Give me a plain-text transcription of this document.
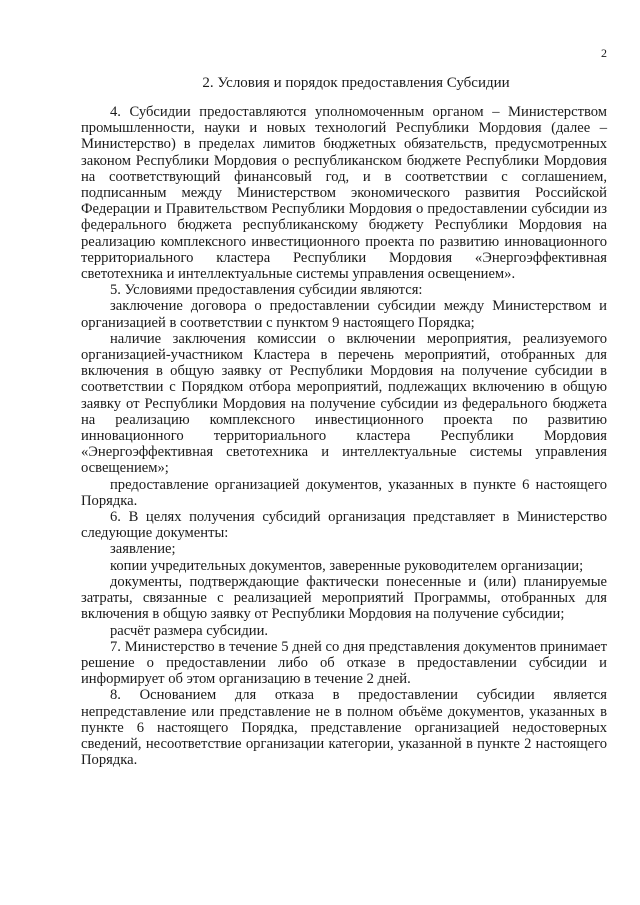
2
2. Условия и порядок предоставления Субсидии

4. Субсидии предоставляются уполномоченным органом – Министерством промышленности, науки и новых технологий Республики Мордовия (далее – Министерство) в пределах лимитов бюджетных обязательств, предусмотренных законом Республики Мордовия о республиканском бюджете Республики Мордовия на соответствующий финансовый год, и в соответствии с соглашением, подписанным между Министерством экономического развития Российской Федерации и Правительством Республики Мордовия о предоставлении субсидии из федерального бюджета республиканскому бюджету Республики Мордовия на реализацию комплексного инвестиционного проекта по развитию инновационного территориального кластера Республики Мордовия «Энергоэффективная светотехника и интеллектуальные системы управления освещением».

5. Условиями предоставления субсидии являются:

заключение договора о предоставлении субсидии между Министерством и организацией в соответствии с пунктом 9 настоящего Порядка;

наличие заключения комиссии о включении мероприятия, реализуемого организацией-участником Кластера в перечень мероприятий, отобранных для включения в общую заявку от Республики Мордовия на получение субсидии в соответствии с Порядком отбора мероприятий, подлежащих включению в общую заявку от Республики Мордовия на получение субсидии из федерального бюджета на реализацию комплексного инвестиционного проекта по развитию инновационного территориального кластера Республики Мордовия «Энергоэффективная светотехника и интеллектуальные системы управления освещением»;

предоставление организацией документов, указанных в пункте 6 настоящего Порядка.

6. В целях получения субсидий организация представляет в Министерство следующие документы:

заявление;

копии учредительных документов, заверенные руководителем организации;

документы, подтверждающие фактически понесенные и (или) планируемые затраты, связанные с реализацией мероприятий Программы, отобранных для включения в общую заявку от Республики Мордовия на получение субсидии;

расчёт размера субсидии.

7. Министерство в течение 5 дней со дня представления документов принимает решение о предоставлении либо об отказе в предоставлении субсидии и информирует об этом организацию в течение 2 дней.

8. Основанием для отказа в предоставлении субсидии является непредставление или представление не в полном объёме документов, указанных в пункте 6 настоящего Порядка, представление организацией недостоверных сведений, несоответствие организации категории, указанной в пункте 2 настоящего Порядка.
